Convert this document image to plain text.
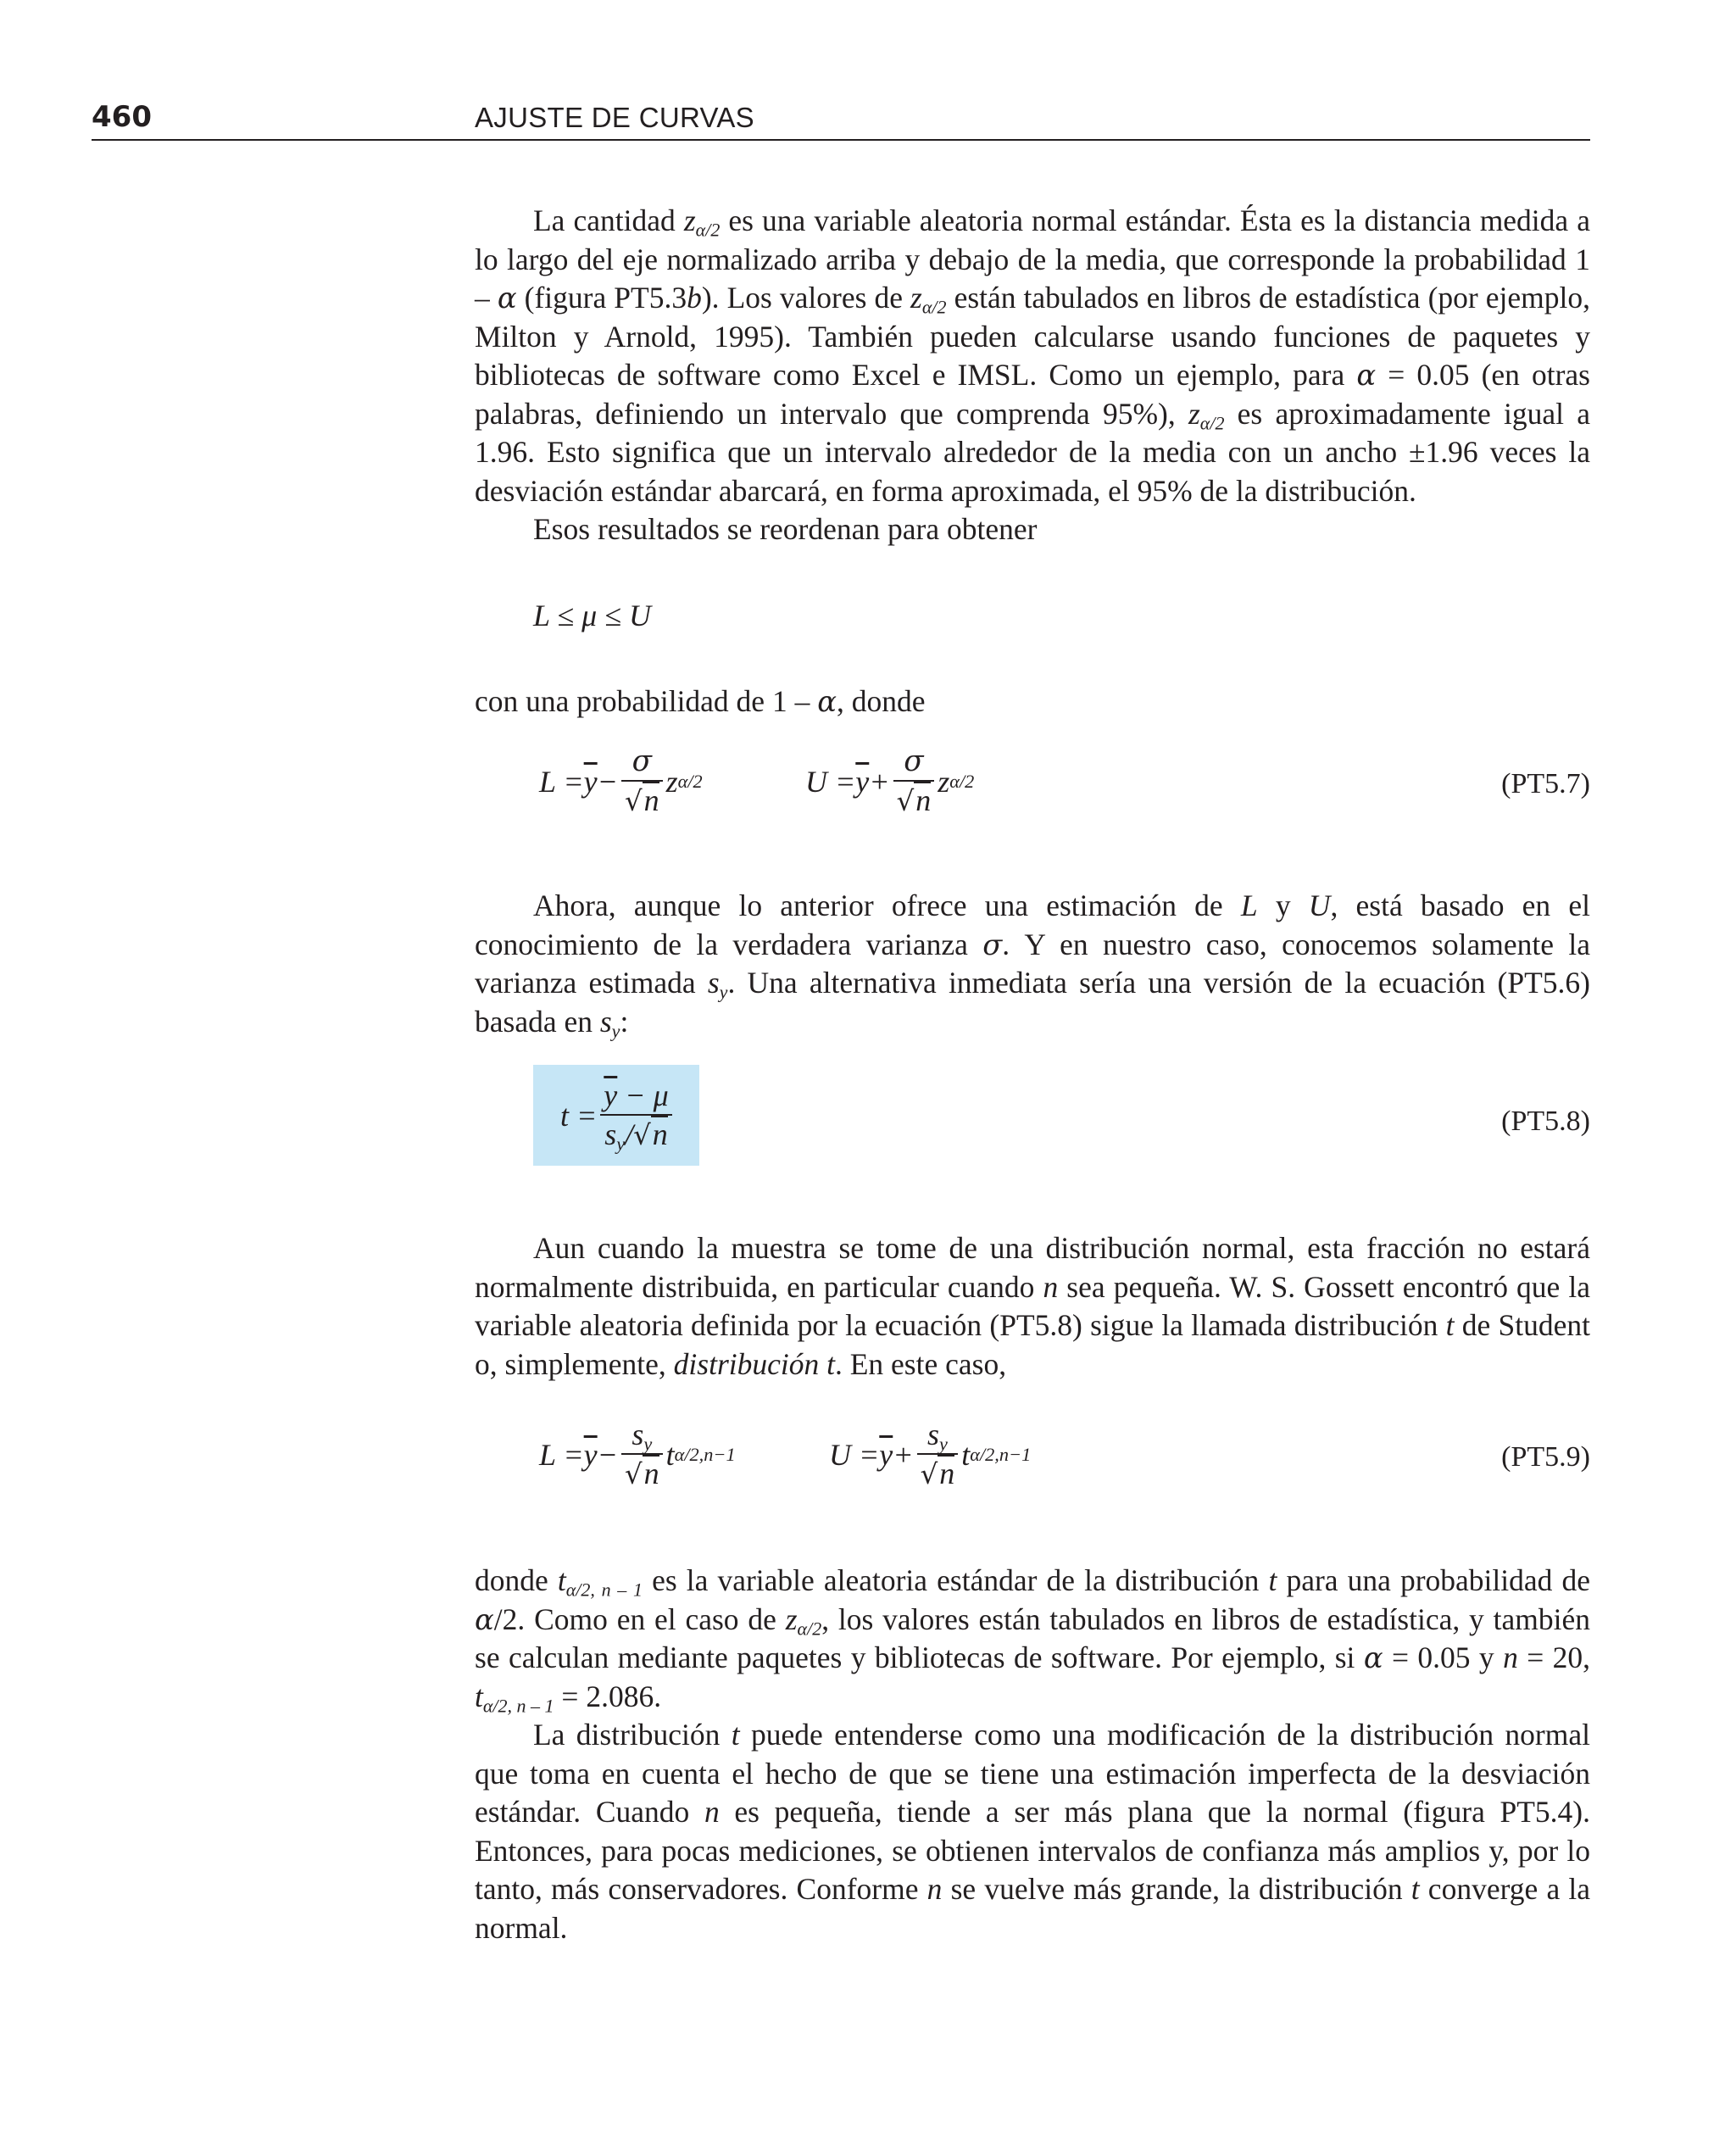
460	AJUSTE DE CURVAS

La cantidad $z_{\alpha/2}$ es una variable aleatoria normal estándar. Ésta es la distancia medida a lo largo del eje normalizado arriba y debajo de la media, que corresponde la probabilidad 1 – α (figura PT5.3b). Los valores de $z_{\alpha/2}$ están tabulados en libros de estadística (por ejemplo, Milton y Arnold, 1995). También pueden calcularse usando funciones de paquetes y bibliotecas de software como Excel e IMSL. Como un ejemplo, para α = 0.05 (en otras palabras, definiendo un intervalo que comprenda 95%), $z_{\alpha/2}$ es aproximadamente igual a 1.96. Esto significa que un intervalo alrededor de la media con un ancho ±1.96 veces la desviación estándar abarcará, en forma aproximada, el 95% de la distribución.

Esos resultados se reordenan para obtener

L ≤ μ ≤ U

con una probabilidad de 1 – α, donde

$L = \overline{y} - \frac{\sigma}{√n}$ z α/2	$U = \overline{y} + \frac{\sigma}{√n}$ z α/2	(PT5.7)

Ahora, aunque lo anterior ofrece una estimación de L y U, está basado en el conocimiento de la verdadera varianza σ. Y en nuestro caso, conocemos solamente la varianza estimada $s_y$. Una alternativa inmediata sería una versión de la ecuación (PT5.6) basada en $s_y$:

$t = \frac{\overline{y} - \mu}{s_y/√n}$	(PT5.8)

Aun cuando la muestra se tome de una distribución normal, esta fracción no estará normalmente distribuida, en particular cuando n sea pequeña. W. S. Gossett encontró que la variable aleatoria definida por la ecuación (PT5.8) sigue la llamada distribución t de Student o, simplemente, distribución t. En este caso,

$L = \overline{y} - \frac{s_y}{√n}$ t α/2,n−1	$U = \overline{y} + \frac{s_y}{√n}$ t α/2,n−1	(PT5.9)

donde $t_{\alpha/2, n - 1}$ es la variable aleatoria estándar de la distribución t para una probabilidad de α/2. Como en el caso de $z_{\alpha/2}$, los valores están tabulados en libros de estadística, y también se calculan mediante paquetes y bibliotecas de software. Por ejemplo, si α = 0.05 y n = 20, $t_{\alpha/2, n - 1} = 2.086$.

La distribución t puede entenderse como una modificación de la distribución normal que toma en cuenta el hecho de que se tiene una estimación imperfecta de la desviación estándar. Cuando n es pequeña, tiende a ser más plana que la normal (figura PT5.4). Entonces, para pocas mediciones, se obtienen intervalos de confianza más amplios y, por lo tanto, más conservadores. Conforme n se vuelve más grande, la distribución t converge a la normal.
